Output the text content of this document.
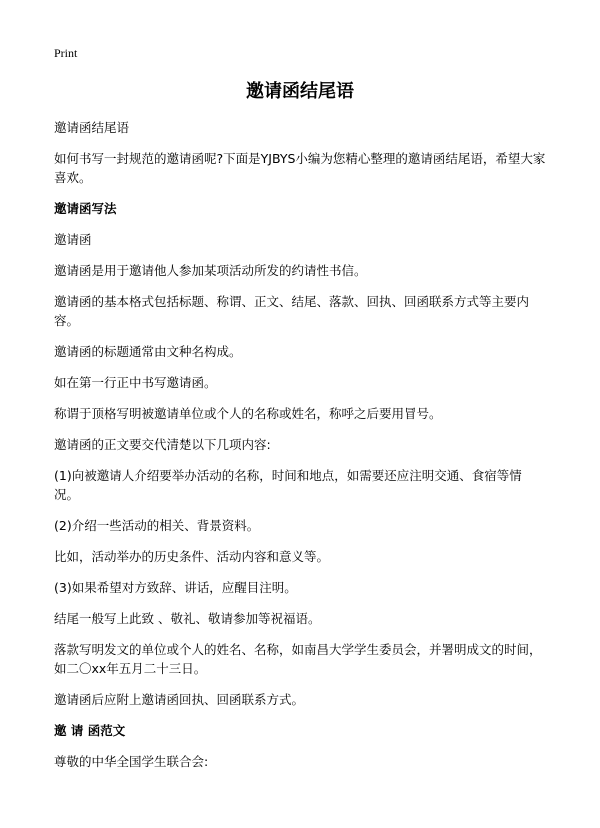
Print
邀请函结尾语

邀请函结尾语

如何书写一封规范的邀请函呢?下面是YJBYS小编为您精心整理的邀请函结尾语，希望大家喜欢。

邀请函写法

邀请函

邀请函是用于邀请他人参加某项活动所发的约请性书信。

邀请函的基本格式包括标题、称谓、正文、结尾、落款、回执、回函联系方式等主要内容。

邀请函的标题通常由文种名构成。

如在第一行正中书写邀请函。

称谓于顶格写明被邀请单位或个人的名称或姓名，称呼之后要用冒号。

邀请函的正文要交代清楚以下几项内容:

(1)向被邀请人介绍要举办活动的名称，时间和地点，如需要还应注明交通、食宿等情况。

(2)介绍一些活动的相关、背景资料。

比如，活动举办的历史条件、活动内容和意义等。

(3)如果希望对方致辞、讲话，应醒目注明。

结尾一般写上此致 、敬礼、敬请参加等祝福语。

落款写明发文的单位或个人的姓名、名称，如南昌大学学生委员会，并署明成文的时间，如二〇xx年五月二十三日。

邀请函后应附上邀请函回执、回函联系方式。

邀 请 函范文

尊敬的中华全国学生联合会:
